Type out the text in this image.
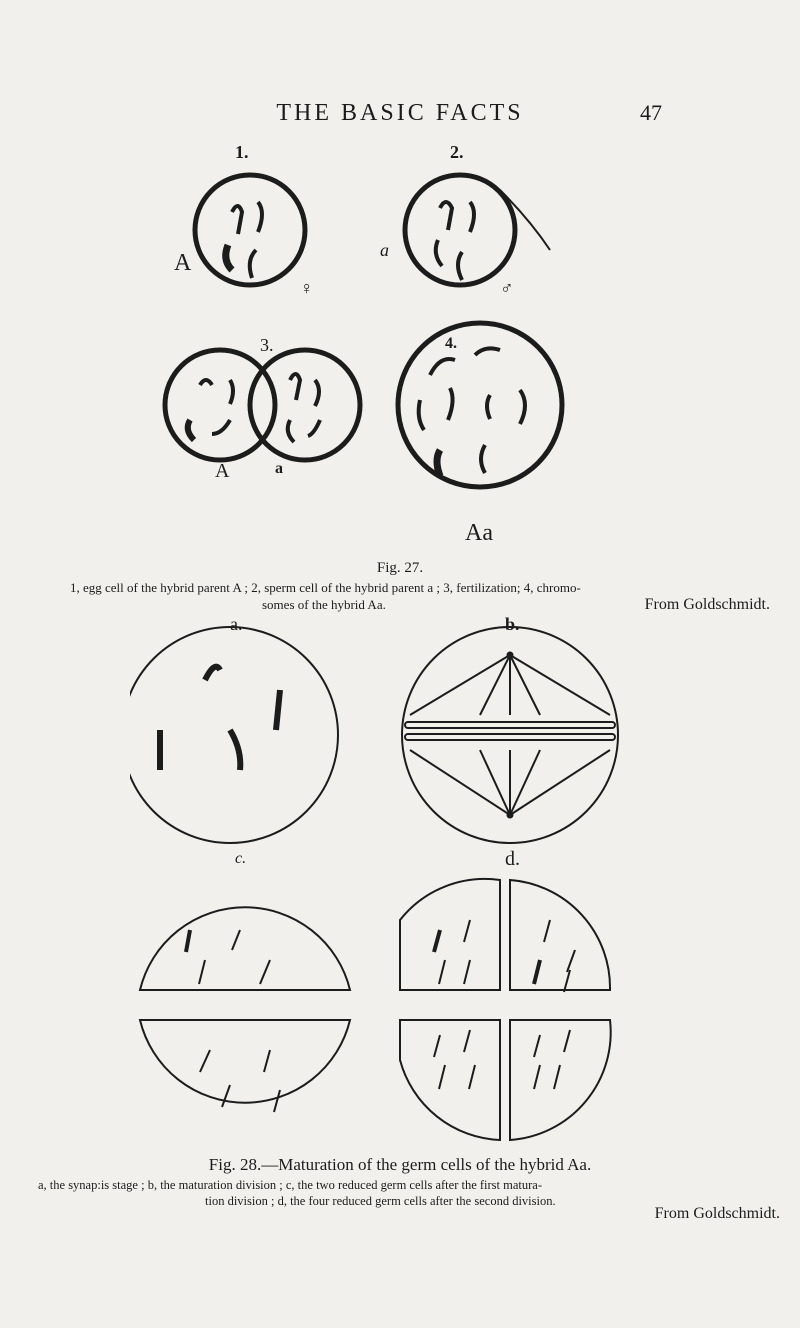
THE BASIC FACTS	47
1.	2.
A	a
♀	♂
3.	4.
A	a
Aa
Fig. 27.
1, egg cell of the hybrid parent A ; 2, sperm cell of the hybrid parent a ; 3, fertilization; 4, chromo-
somes of the hybrid Aa.	From Goldschmidt.
a.	b.
c.	d.
Fig. 28.—Maturation of the germ cells of the hybrid Aa.
a, the synap:is stage ; b, the maturation division ; c, the two reduced germ cells after the first matura-
tion division ; d, the four reduced germ cells after the second division.
From Goldschmidt.
